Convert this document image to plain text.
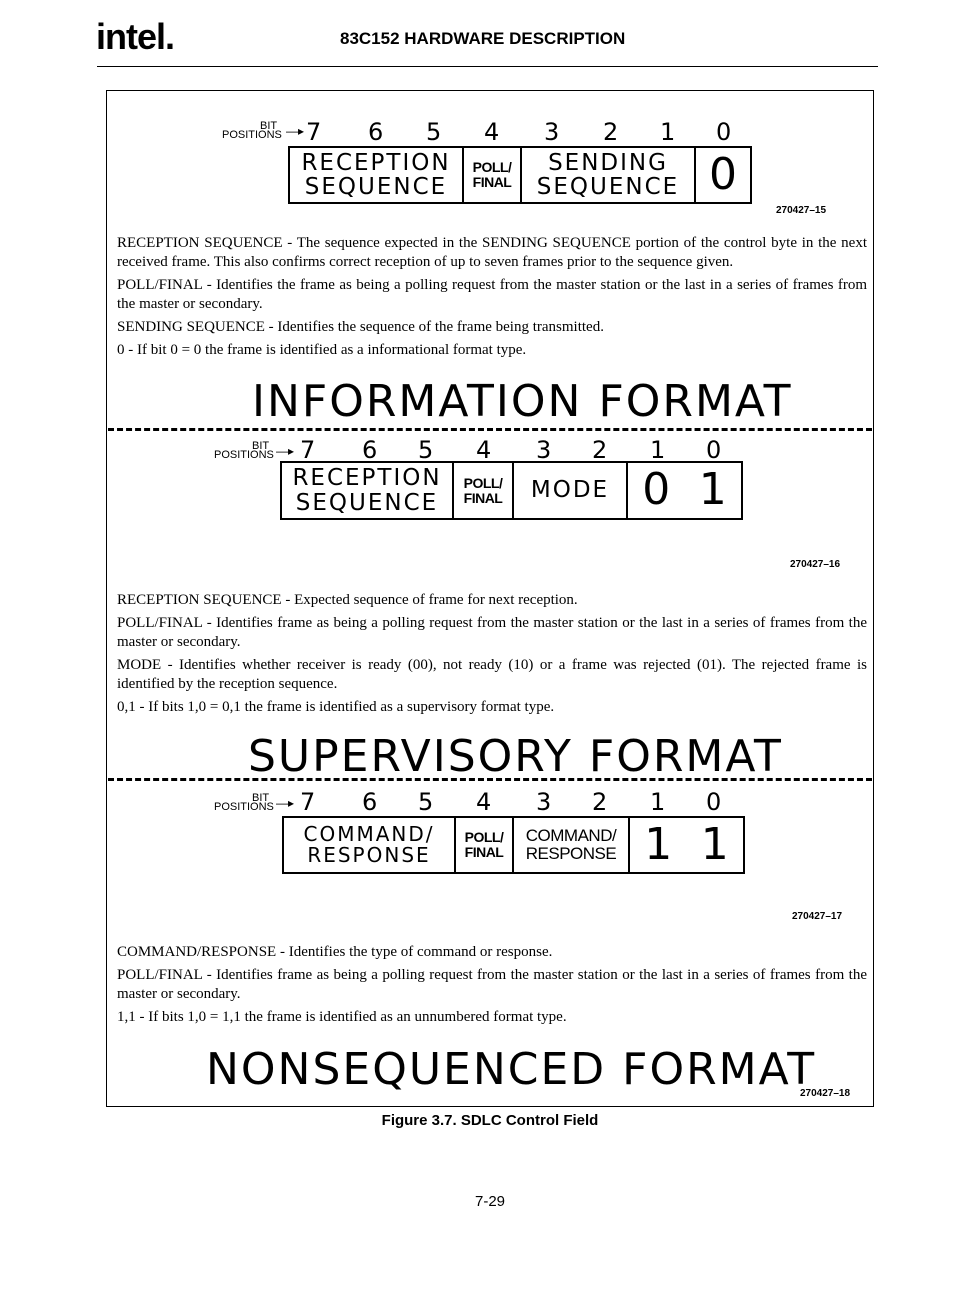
intel.	83C152 HARDWARE DESCRIPTION
BIT
POSITIONS —▸ 7 6 5 4 3 2 1 0
RECEPTION
SEQUENCE
POLL/
FINAL
SENDING
SEQUENCE 0
270427–15

RECEPTION SEQUENCE - The sequence expected in the SENDING SEQUENCE portion of the control byte in the next received frame. This also confirms correct reception of up to seven frames prior to the sequence given.

POLL/FINAL - Identifies the frame as being a polling request from the master station or the last in a series of frames from the master or secondary.

SENDING SEQUENCE - Identifies the sequence of the frame being transmitted.

0 - If bit 0 = 0 the frame is identified as a informational format type.

INFORMATION FORMAT
BIT
POSITIONS —▸ 7 6 5 4 3 2 1 0
RECEPTION
SEQUENCE
POLL/
FINAL MODE 0 1
270427–16

RECEPTION SEQUENCE - Expected sequence of frame for next reception.

POLL/FINAL - Identifies frame as being a polling request from the master station or the last in a series of frames from the master or secondary.

MODE - Identifies whether receiver is ready (00), not ready (10) or a frame was rejected (01). The rejected frame is identified by the reception sequence.

0,1 - If bits 1,0 = 0,1 the frame is identified as a supervisory format type.

SUPERVISORY FORMAT
BIT
POSITIONS —▸ 7 6 5 4 3 2 1 0
COMMAND/
RESPONSE
POLL/
FINAL
COMMAND/
RESPONSE 1 1
270427–17

COMMAND/RESPONSE - Identifies the type of command or response.

POLL/FINAL - Identifies frame as being a polling request from the master station or the last in a series of frames from the master or secondary.

1,1 - If bits 1,0 = 1,1 the frame is identified as an unnumbered format type.

NONSEQUENCED FORMAT
270427–18
Figure 3.7. SDLC Control Field
7-29
